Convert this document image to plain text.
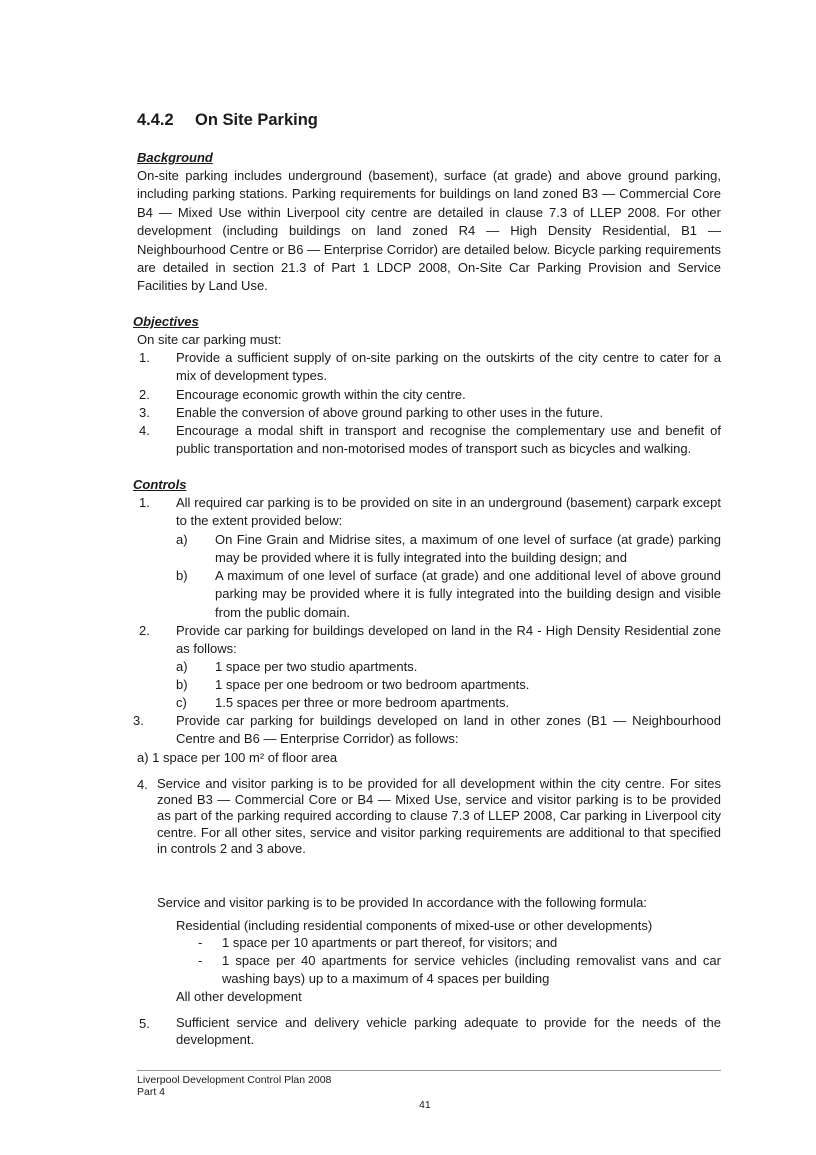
4.4.2 On Site Parking
Background
On-site parking includes underground (basement), surface (at grade) and above ground parking, including parking stations. Parking requirements for buildings on land zoned B3 — Commercial Core B4 — Mixed Use within Liverpool city centre are detailed in clause 7.3 of LLEP 2008. For other development (including buildings on land zoned R4 — High Density Residential, B1 — Neighbourhood Centre or B6 — Enterprise Corridor) are detailed below. Bicycle parking requirements are detailed in section 21.3 of Part 1 LDCP 2008, On-Site Car Parking Provision and Service Facilities by Land Use.
Objectives
On site car parking must:
1. Provide a sufficient supply of on-site parking on the outskirts of the city centre to cater for a mix of development types.
2. Encourage economic growth within the city centre.
3. Enable the conversion of above ground parking to other uses in the future.
4. Encourage a modal shift in transport and recognise the complementary use and benefit of public transportation and non-motorised modes of transport such as bicycles and walking.
Controls
1. All required car parking is to be provided on site in an underground (basement) carpark except to the extent provided below:
a) On Fine Grain and Midrise sites, a maximum of one level of surface (at grade) parking may be provided where it is fully integrated into the building design; and
b) A maximum of one level of surface (at grade) and one additional level of above ground parking may be provided where it is fully integrated into the building design and visible from the public domain.
2. Provide car parking for buildings developed on land in the R4 - High Density Residential zone as follows:
a) 1 space per two studio apartments.
b) 1 space per one bedroom or two bedroom apartments.
c) 1.5 spaces per three or more bedroom apartments.
3. Provide car parking for buildings developed on land in other zones (B1 — Neighbourhood Centre and B6 — Enterprise Corridor) as follows:
a) 1 space per 100 m² of floor area
4. Service and visitor parking is to be provided for all development within the city centre. For sites zoned B3 — Commercial Core or B4 — Mixed Use, service and visitor parking is to be provided as part of the parking required according to clause 7.3 of LLEP 2008, Car parking in Liverpool city centre. For all other sites, service and visitor parking requirements are additional to that specified in controls 2 and 3 above.
Service and visitor parking is to be provided In accordance with the following formula:
Residential (including residential components of mixed-use or other developments)
- 1 space per 10 apartments or part thereof, for visitors; and
- 1 space per 40 apartments for service vehicles (including removalist vans and car washing bays) up to a maximum of 4 spaces per building
All other development
5. Sufficient service and delivery vehicle parking adequate to provide for the needs of the development.
Liverpool Development Control Plan 2008
Part 4
41
